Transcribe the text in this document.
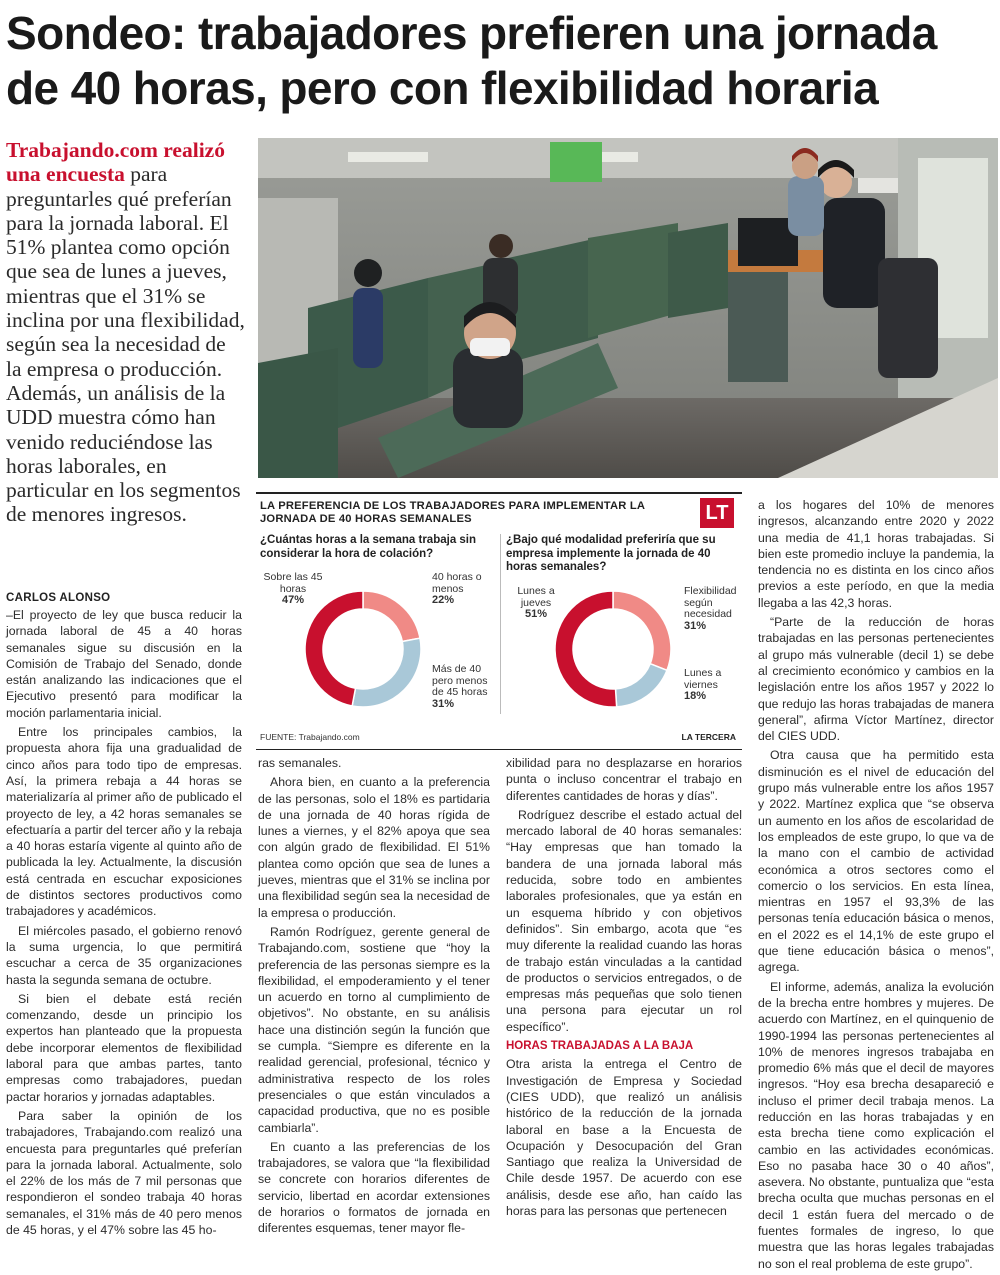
Sondeo: trabajadores prefieren una jornada de 40 horas, pero con flexibilidad horaria
Trabajando.com realizó una encuesta para preguntarles qué preferían para la jornada laboral. El 51% plantea como opción que sea de lunes a jueves, mientras que el 31% se inclina por una flexibilidad, según sea la necesidad de la empresa o producción. Además, un análisis de la UDD muestra cómo han venido reduciéndose las horas laborales, en particular en los segmentos de menores ingresos.	LA PREFERENCIA DE LOS TRABAJADORES PARA IMPLEMENTAR LA JORNADA DE 40 HORAS SEMANALES	LT
¿Cuántas horas a la semana trabaja sin considerar la hora de colación?
Sobre las 45 horas
47%
40 horas o menos
22%
Más de 40 pero menos de 45 horas
31%
¿Bajo qué modalidad preferiría que su empresa implemente la jornada de 40 horas semanales?
Lunes a jueves
51%
Flexibilidad según necesidad
31%
Lunes a viernes
18%
FUENTE: Trabajando.com	LA TERCERA
CARLOS ALONSO

–El proyecto de ley que busca reducir la jornada laboral de 45 a 40 horas semanales sigue su discusión en la Comisión de Trabajo del Senado, donde están analizando las indicaciones que el Ejecutivo presentó para modificar la moción parlamentaria inicial.

Entre los principales cambios, la propuesta ahora fija una gradualidad de cinco años para todo tipo de empresas. Así, la primera rebaja a 44 horas se materializaría al primer año de publicado el proyecto de ley, a 42 horas semanales se efectuaría a partir del tercer año y la rebaja a 40 horas estaría vigente al quinto año de publicada la ley. Actualmente, la discusión está centrada en escuchar exposiciones de distintos sectores productivos como trabajadores y académicos.

El miércoles pasado, el gobierno renovó la suma urgencia, lo que permitirá escuchar a cerca de 35 organizaciones hasta la segunda semana de octubre.

Si bien el debate está recién comenzando, desde un principio los expertos han planteado que la propuesta debe incorporar elementos de flexibilidad laboral para que ambas partes, tanto empresas como trabajadores, puedan pactar horarios y jornadas adaptables.

Para saber la opinión de los trabajadores, Trabajando.com realizó una encuesta para preguntarles qué preferían para la jornada laboral. Actualmente, solo el 22% de los más de 7 mil personas que respondieron el sondeo trabaja 40 horas semanales, el 31% más de 40 pero menos de 45 horas, y el 47% sobre las 45 ho-

ras semanales.

Ahora bien, en cuanto a la preferencia de las personas, solo el 18% es partidaria de una jornada de 40 horas rígida de lunes a viernes, y el 82% apoya que sea con algún grado de flexibilidad. El 51% plantea como opción que sea de lunes a jueves, mientras que el 31% se inclina por una flexibilidad según sea la necesidad de la empresa o producción.

Ramón Rodríguez, gerente general de Trabajando.com, sostiene que “hoy la preferencia de las personas siempre es la flexibilidad, el empoderamiento y el tener un acuerdo en torno al cumplimiento de objetivos”. No obstante, en su análisis hace una distinción según la función que se cumpla. “Siempre es diferente en la realidad gerencial, profesional, técnico y administrativa respecto de los roles presenciales o que están vinculados a capacidad productiva, que no es posible cambiarla”.

En cuanto a las preferencias de los trabajadores, se valora que “la flexibilidad se concrete con horarios diferentes de servicio, libertad en acordar extensiones de horarios o formatos de jornada en diferentes esquemas, tener mayor fle-

xibilidad para no desplazarse en horarios punta o incluso concentrar el trabajo en diferentes cantidades de horas y días”.

Rodríguez describe el estado actual del mercado laboral de 40 horas semanales: “Hay empresas que han tomado la bandera de una jornada laboral más reducida, sobre todo en ambientes laborales profesionales, que ya están en un esquema híbrido y con objetivos definidos”. Sin embargo, acota que “es muy diferente la realidad cuando las horas de trabajo están vinculadas a la cantidad de productos o servicios entregados, o de empresas más pequeñas que solo tienen una persona para ejecutar un rol específico”.

HORAS TRABAJADAS A LA BAJA

Otra arista la entrega el Centro de Investigación de Empresa y Sociedad (CIES UDD), que realizó un análisis histórico de la reducción de la jornada laboral en base a la Encuesta de Ocupación y Desocupación del Gran Santiago que realiza la Universidad de Chile desde 1957. De acuerdo con ese análisis, desde ese año, han caído las horas para las personas que pertenecen

a los hogares del 10% de menores ingresos, alcanzando entre 2020 y 2022 una media de 41,1 horas trabajadas. Si bien este promedio incluye la pandemia, la tendencia no es distinta en los cinco años previos a este período, en que la media llegaba a las 42,3 horas.

“Parte de la reducción de horas trabajadas en las personas pertenecientes al grupo más vulnerable (decil 1) se debe al crecimiento económico y cambios en la legislación entre los años 1957 y 2022 lo que redujo las horas trabajadas de manera general”, afirma Víctor Martínez, director del CIES UDD.

Otra causa que ha permitido esta disminución es el nivel de educación del grupo más vulnerable entre los años 1957 y 2022. Martínez explica que “se observa un aumento en los años de escolaridad de los empleados de este grupo, lo que va de la mano con el cambio de actividad económica a otros sectores como el comercio o los servicios. En esta línea, mientras en 1957 el 93,3% de las personas tenía educación básica o menos, en el 2022 es el 14,1% de este grupo el que tiene educación básica o menos”, agrega.

El informe, además, analiza la evolución de la brecha entre hombres y mujeres. De acuerdo con Martínez, en el quinquenio de 1990-1994 las personas pertenecientes al 10% de menores ingresos trabajaba en promedio 6% más que el decil de mayores ingresos. “Hoy esa brecha desapareció e incluso el primer decil trabaja menos. La reducción en las horas trabajadas y en esta brecha tiene como explicación el cambio en las actividades económicas. Eso no pasaba hace 30 o 40 años”, asevera. No obstante, puntualiza que “esta brecha oculta que muchas personas en el decil 1 están fuera del mercado o de fuentes formales de ingreso, lo que muestra que las horas legales trabajadas no son el real problema de este grupo”.
